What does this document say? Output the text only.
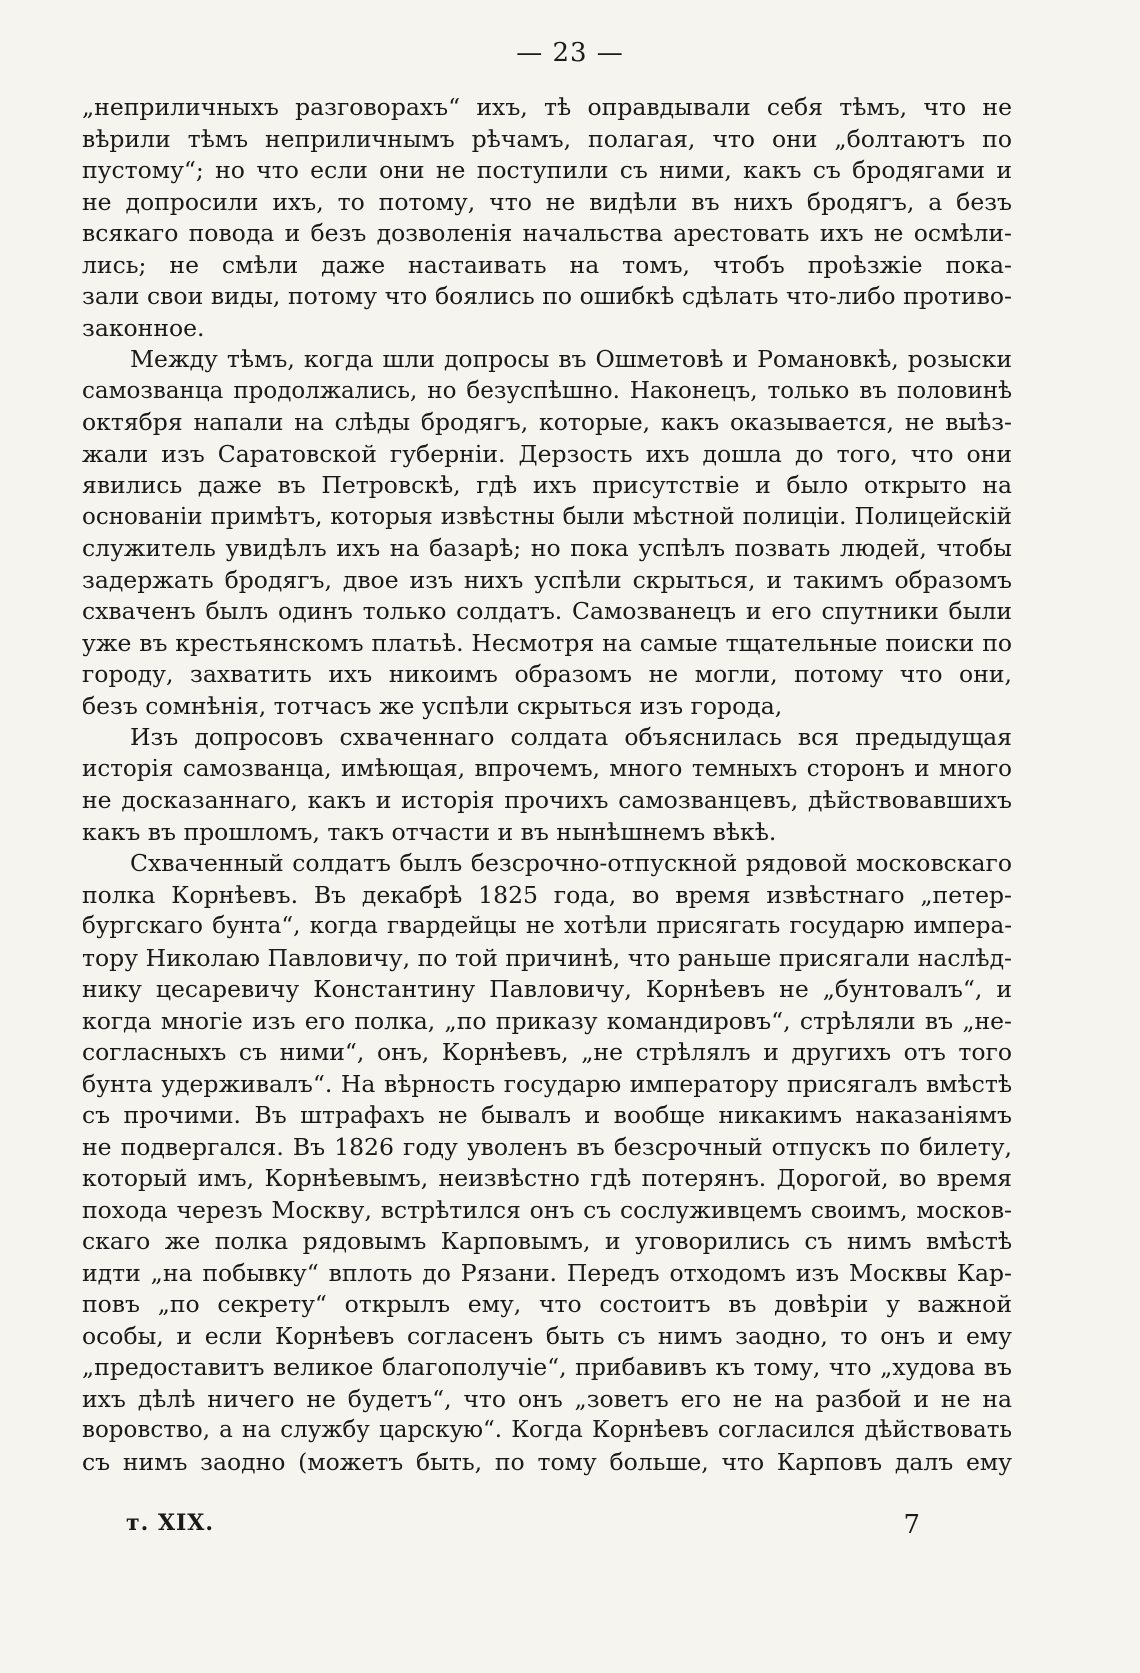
— 23 —
„неприличныхъ разговорахъ“ ихъ, тѣ оправдывали себя тѣмъ, что не
вѣрили тѣмъ неприличнымъ рѣчамъ, полагая, что они „болтаютъ по
пустому“; но что если они не поступили съ ними, какъ съ бродягами и
не допросили ихъ, то потому, что не видѣли въ нихъ бродягъ, а безъ
всякаго повода и безъ дозволенія начальства арестовать ихъ не осмѣли-
лись; не смѣли даже настаивать на томъ, чтобъ проѣзжіе пока-
зали свои виды, потому что боялись по ошибкѣ сдѣлать что-либо противо-
законное.
Между тѣмъ, когда шли допросы въ Ошметовѣ и Романовкѣ, розыски
самозванца продолжались, но безуспѣшно. Наконецъ, только въ половинѣ
октября напали на слѣды бродягъ, которые, какъ оказывается, не выѣз-
жали изъ Саратовской губерніи. Дерзость ихъ дошла до того, что они
явились даже въ Петровскѣ, гдѣ ихъ присутствіе и было открыто на
основаніи примѣтъ, которыя извѣстны были мѣстной полиціи. Полицейскій
служитель увидѣлъ ихъ на базарѣ; но пока успѣлъ позвать людей, чтобы
задержать бродягъ, двое изъ нихъ успѣли скрыться, и такимъ образомъ
схваченъ былъ одинъ только солдатъ. Самозванецъ и его спутники были
уже въ крестьянскомъ платьѣ. Несмотря на самые тщательные поиски по
городу, захватить ихъ никоимъ образомъ не могли, потому что они,
безъ сомнѣнія, тотчасъ же успѣли скрыться изъ города,
Изъ допросовъ схваченнаго солдата объяснилась вся предыдущая
исторія самозванца, имѣющая, впрочемъ, много темныхъ сторонъ и много
не досказаннаго, какъ и исторія прочихъ самозванцевъ, дѣйствовавшихъ
какъ въ прошломъ, такъ отчасти и въ нынѣшнемъ вѣкѣ.
Схваченный солдатъ былъ безсрочно-отпускной рядовой московскаго
полка Корнѣевъ. Въ декабрѣ 1825 года, во время извѣстнаго „петер-
бургскаго бунта“, когда гвардейцы не хотѣли присягать государю импера-
тору Николаю Павловичу, по той причинѣ, что раньше присягали наслѣд-
нику цесаревичу Константину Павловичу, Корнѣевъ не „бунтовалъ“, и
когда многіе изъ его полка, „по приказу командировъ“, стрѣляли въ „не-
согласныхъ съ ними“, онъ, Корнѣевъ, „не стрѣлялъ и другихъ отъ того
бунта удерживалъ“. На вѣрность государю императору присягалъ вмѣстѣ
съ прочими. Въ штрафахъ не бывалъ и вообще никакимъ наказаніямъ
не подвергался. Въ 1826 году уволенъ въ безсрочный отпускъ по билету,
который имъ, Корнѣевымъ, неизвѣстно гдѣ потерянъ. Дорогой, во время
похода черезъ Москву, встрѣтился онъ съ сослуживцемъ своимъ, москов-
скаго же полка рядовымъ Карповымъ, и уговорились съ нимъ вмѣстѣ
идти „на побывку“ вплоть до Рязани. Передъ отходомъ изъ Москвы Кар-
повъ „по секрету“ открылъ ему, что состоитъ въ довѣріи у важной
особы, и если Корнѣевъ согласенъ быть съ нимъ заодно, то онъ и ему
„предоставитъ великое благополучіе“, прибавивъ къ тому, что „худова въ
ихъ дѣлѣ ничего не будетъ“, что онъ „зоветъ его не на разбой и не на
воровство, а на службу царскую“. Когда Корнѣевъ согласился дѣйствовать
съ нимъ заодно (можетъ быть, по тому больше, что Карповъ далъ ему
т. XIX.	7
